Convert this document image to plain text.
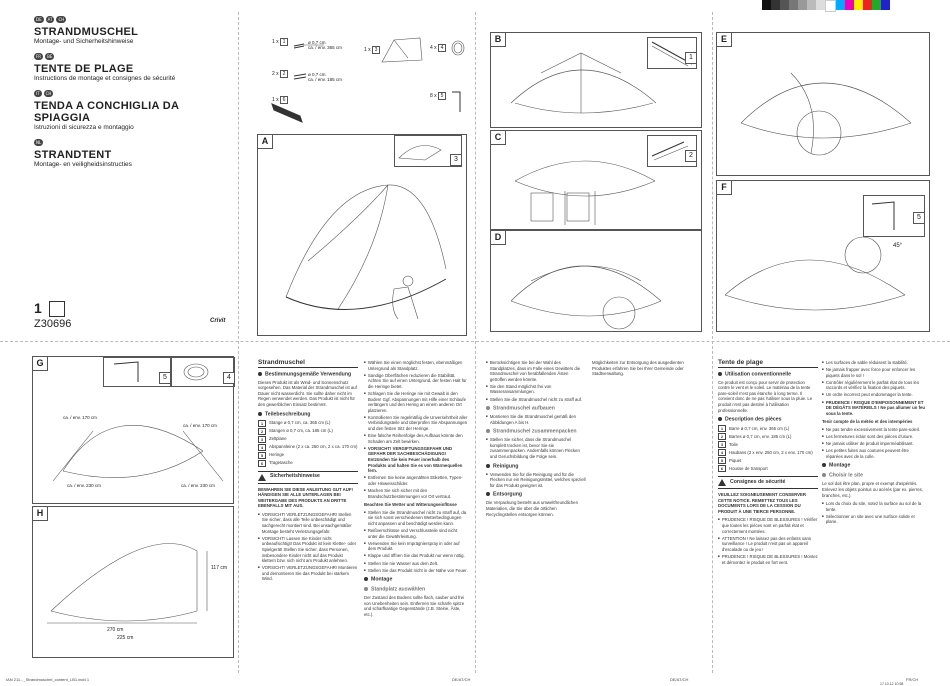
DE	AT	CH
STRANDMUSCHEL
Montage- und Sicherheitshinweise
FR	BE
TENTE DE PLAGE
Instructions de montage et consignes de sécurité
IT	CH
TENDA A CONCHIGLIA DA SPIAGGIA
Istruzioni di sicurezza e montaggio
NL
STRANDTENT
Montage- en veiligheidsinstructies
1
Z30696	Crivit
1 x 1	ø 0,7 cm
ca. / env. 365 cm
2 x 2	ø 0,7 cm
ca. / env. 185 cm
1 x 3
1 x 6
4 x 4
8 x 5
A
3
B
1
C
2
D
E
F
5
45°
G
5	4
ca. / env. 170 cm
ca. / env. 230 cm
ca. / env. 170 cm
ca. / env. 230 cm
H
270 cm
225 cm
117 cm
Strandmuschel
Bestimmungsgemäße Verwendung

Dieses Produkt ist als Wind- und Sonnenschutz vorgesehen. Das Material der Strandmuschel ist auf Dauer nicht wasserdicht. Sie sollte daher nicht im Regen verwendet werden. Das Produkt ist nicht für den gewerblichen Einsatz bestimmt.

Teilebeschreibung
1	Stange ø 0,7 cm, ca. 365 cm (L)
2	Stangen ø 0,7 cm, ca. 185 cm (L)
3	Zeltplane
4	Abspannleine (2 x ca. 250 cm, 2 x ca. 170 cm)
5	Heringe
6	Tragetasche
Sicherheitshinweise

BEWAHREN SIE DIESE ANLEITUNG GUT AUF! HÄNDIGEN SIE ALLE UNTERLAGEN BEI WEITERGABE DES PRODUKTS AN DRITTE EBENFALLS MIT AUS.

■ VORSICHT! VERLETZUNGSGEFAHR! Stellen Sie sicher, dass alle Teile unbeschädigt und sachgerecht montiert sind. Bei unsachgemäßer Montage besteht Verletzungsgefahr.
■ VORSICHT! Lassen Sie Kinder nicht unbeaufsichtigt! Das Produkt ist kein Kletter- oder Spielgerät! Stellen Sie sicher, dass Personen, insbesondere Kinder nicht auf das Produkt klettern bzw. sich nicht am Produkt anlehnen.
■ VORSICHT! VERLETZUNGSGEFAHR! Montieren und demontieren Sie das Produkt bei starkem Wind.
■ Wählen Sie einen möglichst festen, ebenmäßigen Untergrund als Standplatz.
■ Sandige Oberflächen reduzieren die Stabilität. Achten Sie auf einen Untergrund, der festen Halt für die Heringe bietet.
■ Schlagen Sie die Heringe nie mit Gewalt in den Boden! Ggf. Abspannungen mit Hilfe einer Schlaufe verlängern und den Hering an einem anderen Ort platzieren.
■ Kontrollieren Sie regelmäßig die Unversehrtheit aller Verbindungsteile und überprüfen Sie Abspannungen und den festen Sitz der Heringe.
■ Eine falsche Reihenfolge des Aufbaus könnte den Schaden am Zelt bewirken.
■ VORSICHT! VERGIFTUNGSGEFAHR UND GEFAHR DER SACHBESCHÄDIGUNG! Entzünden Sie kein Feuer innerhalb des Produkts und halten Sie es von Wärmequellen fern.
■ Entfernen Sie keine angenähten Etiketten, Typen- oder Hinweisschilder.
■ Machen Sie sich sicher mit den Brandschutzbestimmungen vor Ort vertraut.
Beachten Sie Wetter und Witterungseinflüsse
■ Stellen Sie die Strandmuschel nicht zu straff auf, da sie sich sonst verschiedenen Wetterbedingungen nicht anpassen und beschädigt werden kann.
■ Reißverschlüsse und Verschlussteile sind nicht unter die Gewährleistung.
■ Verwenden Sie kein Imprägnierspray in oder auf dem Produkt.
■ Klappe und öffnen Sie das Produkt nur wenn nötig.
■ Stellen Sie nie Wasser aus dem Zelt.
■ Stellen Sie das Produkt nicht in der Nähe von Feuer.
Montage
Standplatz auswählen

Der Zustand des Bodens sollte flach, sauber und frei von Unebenheiten sein. Entfernen Sie scharfe spitze und scharfkantige Gegenstände (z.B. Steine, Äste, etc.).

■ Berücksichtigen Sie bei der Wahl des Standplatzes, dass im Falle eines Gewitters die Strandmuschel von herabfallenden Ästen getroffen werden könnte.
■ Sie den Stand möglichst frei von Wasseransammlungen.
■ Stellen Sie die Strandmuschel nicht zu straff auf.
Strandmuschel aufbauen
■ Montieren Sie die Strandmuschel gemäß den Abbildungen A bis H.
Strandmuschel zusammenpacken
■ Stellen Sie sicher, dass die Strandmuschel komplett trocken ist, bevor Sie sie zusammenpacken. Andernfalls können Flecken und Geruchsbildung die Folge sein.
Reinigung
■ Verwenden Sie für die Reinigung und für die Flecken nur ein Reinigungsmittel, welches speziell für das Produkt geeignet ist.
Entsorgung

Die Verpackung besteht aus umweltfreundlichen Materialien, die Sie über die örtlichen Recyclingstellen entsorgen können.

Möglichkeiten zur Entsorgung des ausgedienten Produktes erfahren Sie bei Ihrer Gemeinde oder Stadtverwaltung.

Tente de plage
Utilisation conventionnelle

Ce produit est conçu pour servir de protection contre le vent et le soleil. Le matériau de la tente pare-soleil n'est pas étanche à long terme. Il convient donc de ne pas l'utiliser sous la pluie. Le produit n'est pas destiné à l'utilisation professionnelle.

Description des pièces
1	Barre ø 0,7 cm, env. 365 cm (L)
2	Barres ø 0,7 cm, env. 185 cm (L)
3	Toile
4	Haubans (2 x env. 250 cm, 2 x env. 170 cm)
5	Piquet
6	Housse de transport
Consignes de sécurité

VEUILLEZ SOIGNEUSEMENT CONSERVER CETTE NOTICE. REMETTEZ TOUS LES DOCUMENTS LORS DE LA CESSION DU PRODUIT À UNE TIERCE PERSONNE.

■ PRUDENCE ! RISQUE DE BLESSURES ! Vérifier que toutes les pièces sont en parfait état et correctement montées.
■ ATTENTION ! Ne laissez pas des enfants sans surveillance ! Le produit n'est pas un appareil d'escalade ou de jeu !
■ PRUDENCE ! RISQUE DE BLESSURES ! Montez et démontez le produit en fort vent.
■ Les surfaces de sable réduisent la stabilité.
■ Ne jamais frapper avec force pour enfoncer les piquets dans le sol !
■ Contrôler régulièrement le parfait état de tous les raccords et vérifiez la fixation des piquets.
■ Un ordre incorrect peut endommager la tente.
■ PRUDENCE ! RISQUE D'EMPOISONNEMENT ET DE DÉGÂTS MATÉRIELS ! Ne pas allumer un feu sous la tente.
Tenir compte de la météo et des intempéries
■ Ne pas tendre excessivement la tente pare-soleil.
■ Les fermetures éclair sont des pièces d'usure.
■ Ne jamais utiliser de produit imperméabilisant.
■ Les petites fuites aux coutures peuvent être réparées avec de la colle.
Montage
Choisir le site

Le sol doit être plan, propre et exempt d'aspérités. Enlevez les objets pointus ou acérés (par ex. pierres, branches, etc.).

■ Lors du choix du site, notez la surface au sol de la tente.
■ Sélectionner un site avec une surface solide et plane.
IAN 211..._Strandmuschel_content_LB1.indd 1	DE/AT/CH	DE/AT/CH	FR/CH
17.10.12 10:58
